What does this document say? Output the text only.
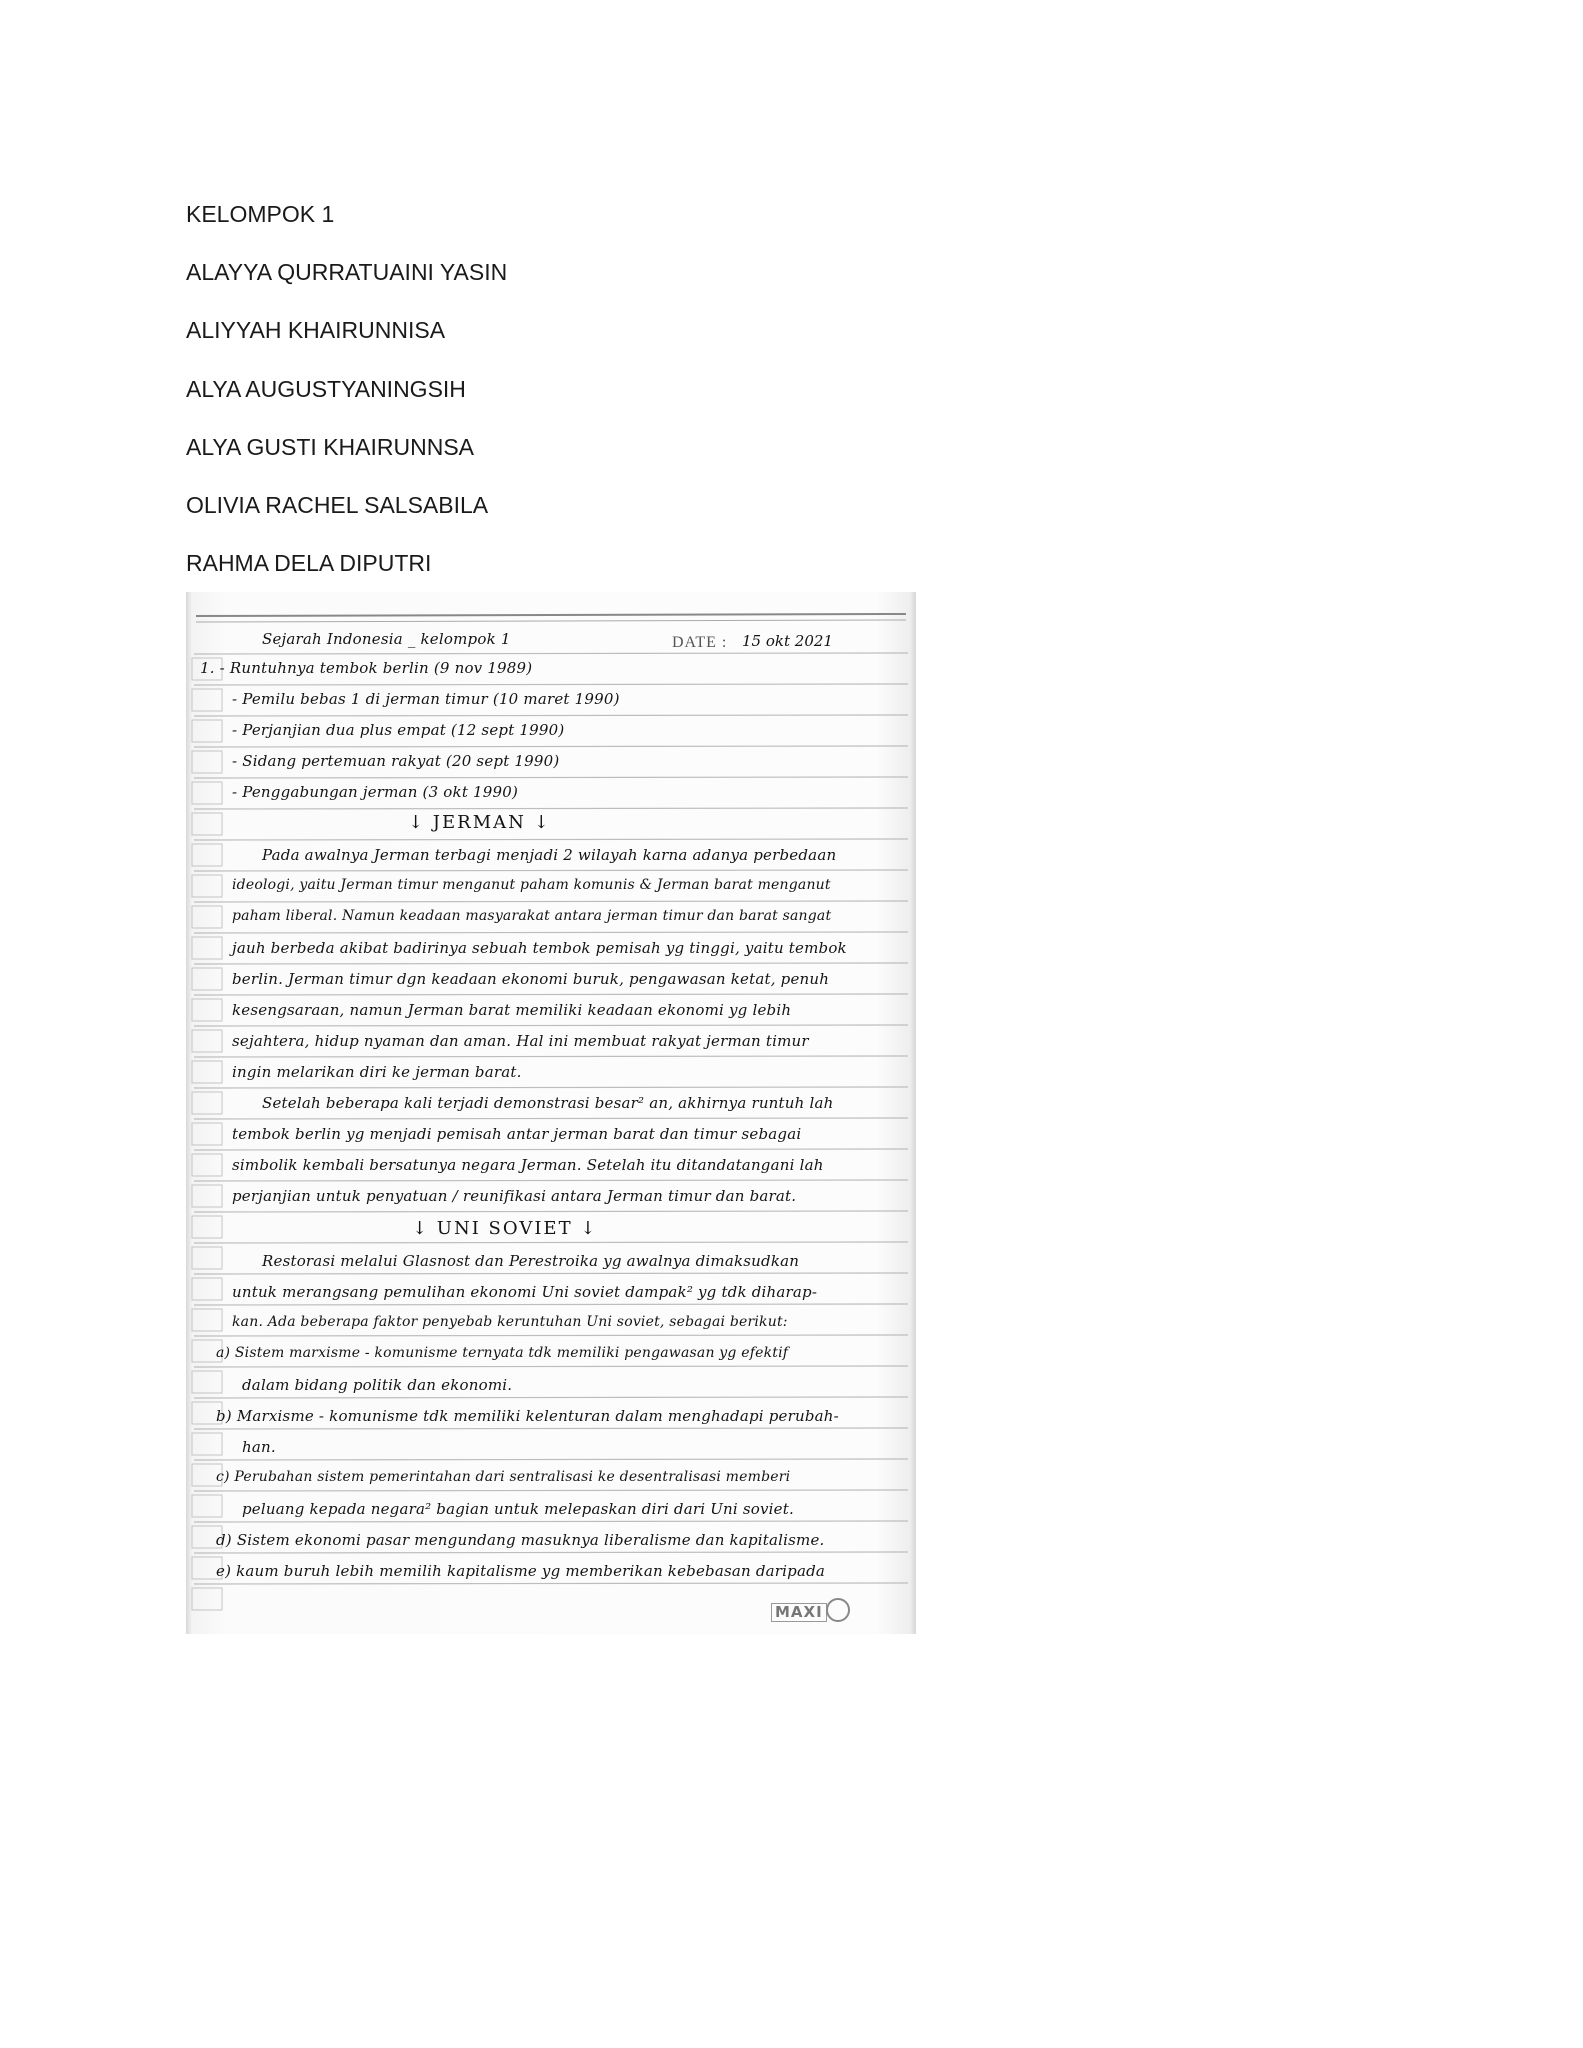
KELOMPOK 1
ALAYYA QURRATUAINI YASIN
ALIYYAH KHAIRUNNISA
ALYA AUGUSTYANINGSIH
ALYA GUSTI KHAIRUNNSA
OLIVIA RACHEL SALSABILA
RAHMA DELA DIPUTRI
Sejarah Indonesia _ kelompok 1	DATE : 15 okt 2021
1. - Runtuhnya tembok berlin (9 nov 1989)
- Pemilu bebas 1 di jerman timur (10 maret 1990)
- Perjanjian dua plus empat (12 sept 1990)
- Sidang pertemuan rakyat (20 sept 1990)
- Penggabungan jerman (3 okt 1990)
↓ JERMAN ↓
Pada awalnya Jerman terbagi menjadi 2 wilayah karna adanya perbedaan
ideologi, yaitu Jerman timur menganut paham komunis & Jerman barat menganut
paham liberal. Namun keadaan masyarakat antara jerman timur dan barat sangat
jauh berbeda akibat badirinya sebuah tembok pemisah yg tinggi, yaitu tembok
berlin. Jerman timur dgn keadaan ekonomi buruk, pengawasan ketat, penuh
kesengsaraan, namun Jerman barat memiliki keadaan ekonomi yg lebih
sejahtera, hidup nyaman dan aman. Hal ini membuat rakyat jerman timur
ingin melarikan diri ke jerman barat.
Setelah beberapa kali terjadi demonstrasi besar² an, akhirnya runtuh lah
tembok berlin yg menjadi pemisah antar jerman barat dan timur sebagai
simbolik kembali bersatunya negara Jerman. Setelah itu ditandatangani lah
perjanjian untuk penyatuan / reunifikasi antara Jerman timur dan barat.
↓ UNI SOVIET ↓
Restorasi melalui Glasnost dan Perestroika yg awalnya dimaksudkan
untuk merangsang pemulihan ekonomi Uni soviet dampak² yg tdk diharap-
kan. Ada beberapa faktor penyebab keruntuhan Uni soviet, sebagai berikut:
a) Sistem marxisme - komunisme ternyata tdk memiliki pengawasan yg efektif
dalam bidang politik dan ekonomi.
b) Marxisme - komunisme tdk memiliki kelenturan dalam menghadapi perubah-
han.
c) Perubahan sistem pemerintahan dari sentralisasi ke desentralisasi memberi
peluang kepada negara² bagian untuk melepaskan diri dari Uni soviet.
d) Sistem ekonomi pasar mengundang masuknya liberalisme dan kapitalisme.
e) kaum buruh lebih memilih kapitalisme yg memberikan kebebasan daripada
MAXI
